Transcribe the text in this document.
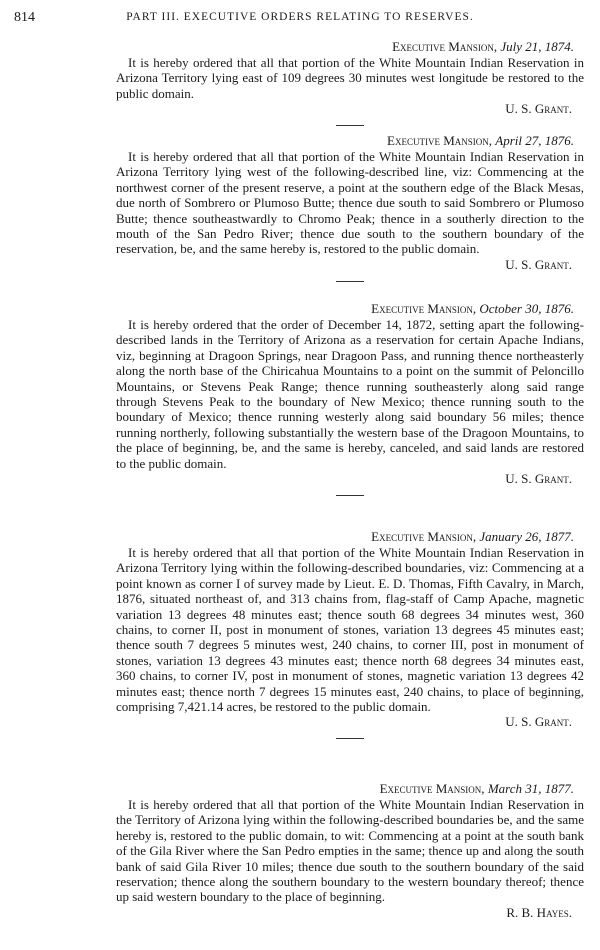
814	PART III. EXECUTIVE ORDERS RELATING TO RESERVES.
Executive Mansion, July 21, 1874.

It is hereby ordered that all that portion of the White Mountain Indian Reservation in Arizona Territory lying east of 109 degrees 30 minutes west longitude be restored to the public domain.

U. S. Grant.
Executive Mansion, April 27, 1876.

It is hereby ordered that all that portion of the White Mountain Indian Reservation in Arizona Territory lying west of the following-described line, viz: Commencing at the northwest corner of the present reserve, a point at the southern edge of the Black Mesas, due north of Sombrero or Plumoso Butte; thence due south to said Sombrero or Plumoso Butte; thence southeastwardly to Chromo Peak; thence in a southerly direction to the mouth of the San Pedro River; thence due south to the southern boundary of the reservation, be, and the same hereby is, restored to the public domain.

U. S. Grant.
Executive Mansion, October 30, 1876.

It is hereby ordered that the order of December 14, 1872, setting apart the following-described lands in the Territory of Arizona as a reservation for certain Apache Indians, viz, beginning at Dragoon Springs, near Dragoon Pass, and running thence northeasterly along the north base of the Chiricahua Mountains to a point on the summit of Peloncillo Mountains, or Stevens Peak Range; thence running southeasterly along said range through Stevens Peak to the boundary of New Mexico; thence running south to the boundary of Mexico; thence running westerly along said boundary 56 miles; thence running northerly, following substantially the western base of the Dragoon Mountains, to the place of beginning, be, and the same is hereby, canceled, and said lands are restored to the public domain.

U. S. Grant.
Executive Mansion, January 26, 1877.

It is hereby ordered that all that portion of the White Mountain Indian Reservation in Arizona Territory lying within the following-described boundaries, viz: Commencing at a point known as corner I of survey made by Lieut. E. D. Thomas, Fifth Cavalry, in March, 1876, situated northeast of, and 313 chains from, flag-staff of Camp Apache, magnetic variation 13 degrees 48 minutes east; thence south 68 degrees 34 minutes west, 360 chains, to corner II, post in monument of stones, variation 13 degrees 45 minutes east; thence south 7 degrees 5 minutes west, 240 chains, to corner III, post in monument of stones, variation 13 degrees 43 minutes east; thence north 68 degrees 34 minutes east, 360 chains, to corner IV, post in monument of stones, magnetic variation 13 degrees 42 minutes east; thence north 7 degrees 15 minutes east, 240 chains, to place of beginning, comprising 7,421.14 acres, be restored to the public domain.

U. S. Grant.
Executive Mansion, March 31, 1877.

It is hereby ordered that all that portion of the White Mountain Indian Reservation in the Territory of Arizona lying within the following-described boundaries be, and the same hereby is, restored to the public domain, to wit: Commencing at a point at the south bank of the Gila River where the San Pedro empties in the same; thence up and along the south bank of said Gila River 10 miles; thence due south to the southern boundary of the said reservation; thence along the southern boundary to the western boundary thereof; thence up said western boundary to the place of beginning.

R. B. Hayes.
